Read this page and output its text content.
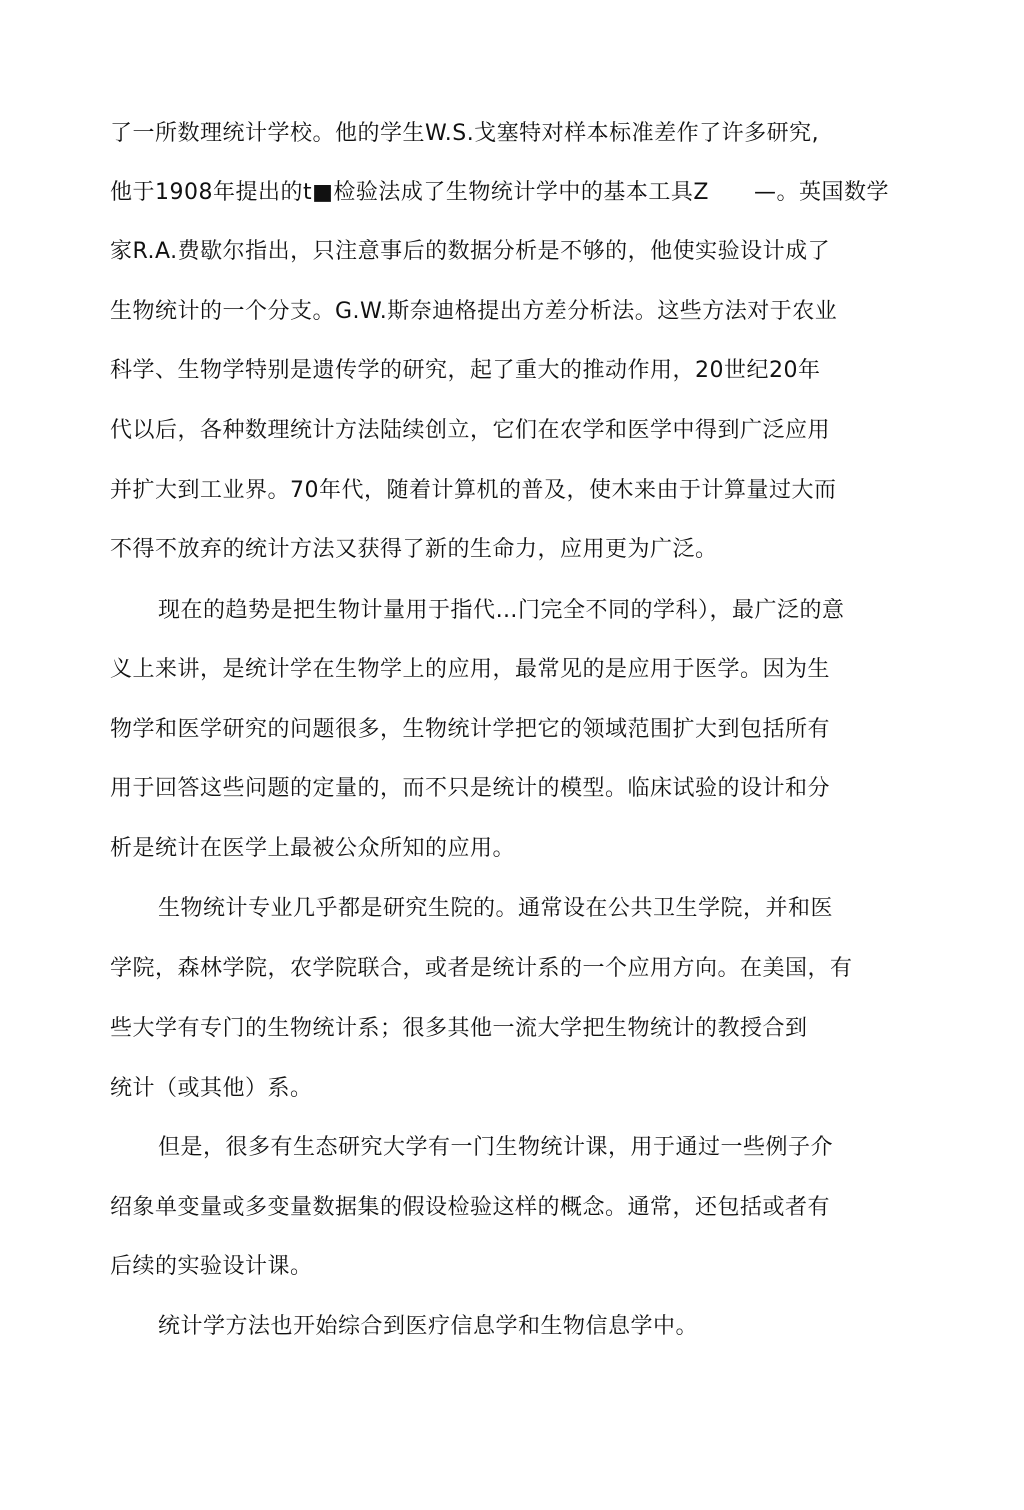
了一所数理统计学校。他的学生W.S.戈塞特对样本标准差作了许多研究,
他于1908年提出的t■检验法成了生物统计学中的基本工具Z　　—。英国数学
家R.A.费歇尔指出，只注意事后的数据分析是不够的，他使实验设计成了
生物统计的一个分支。G.W.斯奈迪格提出方差分析法。这些方法对于农业
科学、生物学特别是遗传学的研究，起了重大的推动作用，20世纪20年
代以后，各种数理统计方法陆续创立，它们在农学和医学中得到广泛应用
并扩大到工业界。70年代，随着计算机的普及，使木来由于计算量过大而
不得不放弃的统计方法又获得了新的生命力，应用更为广泛。
现在的趋势是把生物计量用于指代…门完全不同的学科），最广泛的意
义上来讲，是统计学在生物学上的应用，最常见的是应用于医学。因为生
物学和医学研究的问题很多，生物统计学把它的领域范围扩大到包括所有
用于回答这些问题的定量的，而不只是统计的模型。临床试验的设计和分
析是统计在医学上最被公众所知的应用。
生物统计专业几乎都是研究生院的。通常设在公共卫生学院，并和医
学院，森林学院，农学院联合，或者是统计系的一个应用方向。在美国，有
些大学有专门的生物统计系；很多其他一流大学把生物统计的教授合到
统计（或其他）系。
但是，很多有生态研究大学有一门生物统计课，用于通过一些例子介
绍象单变量或多变量数据集的假设检验这样的概念。通常，还包括或者有
后续的实验设计课。
统计学方法也开始综合到医疗信息学和生物信息学中。
